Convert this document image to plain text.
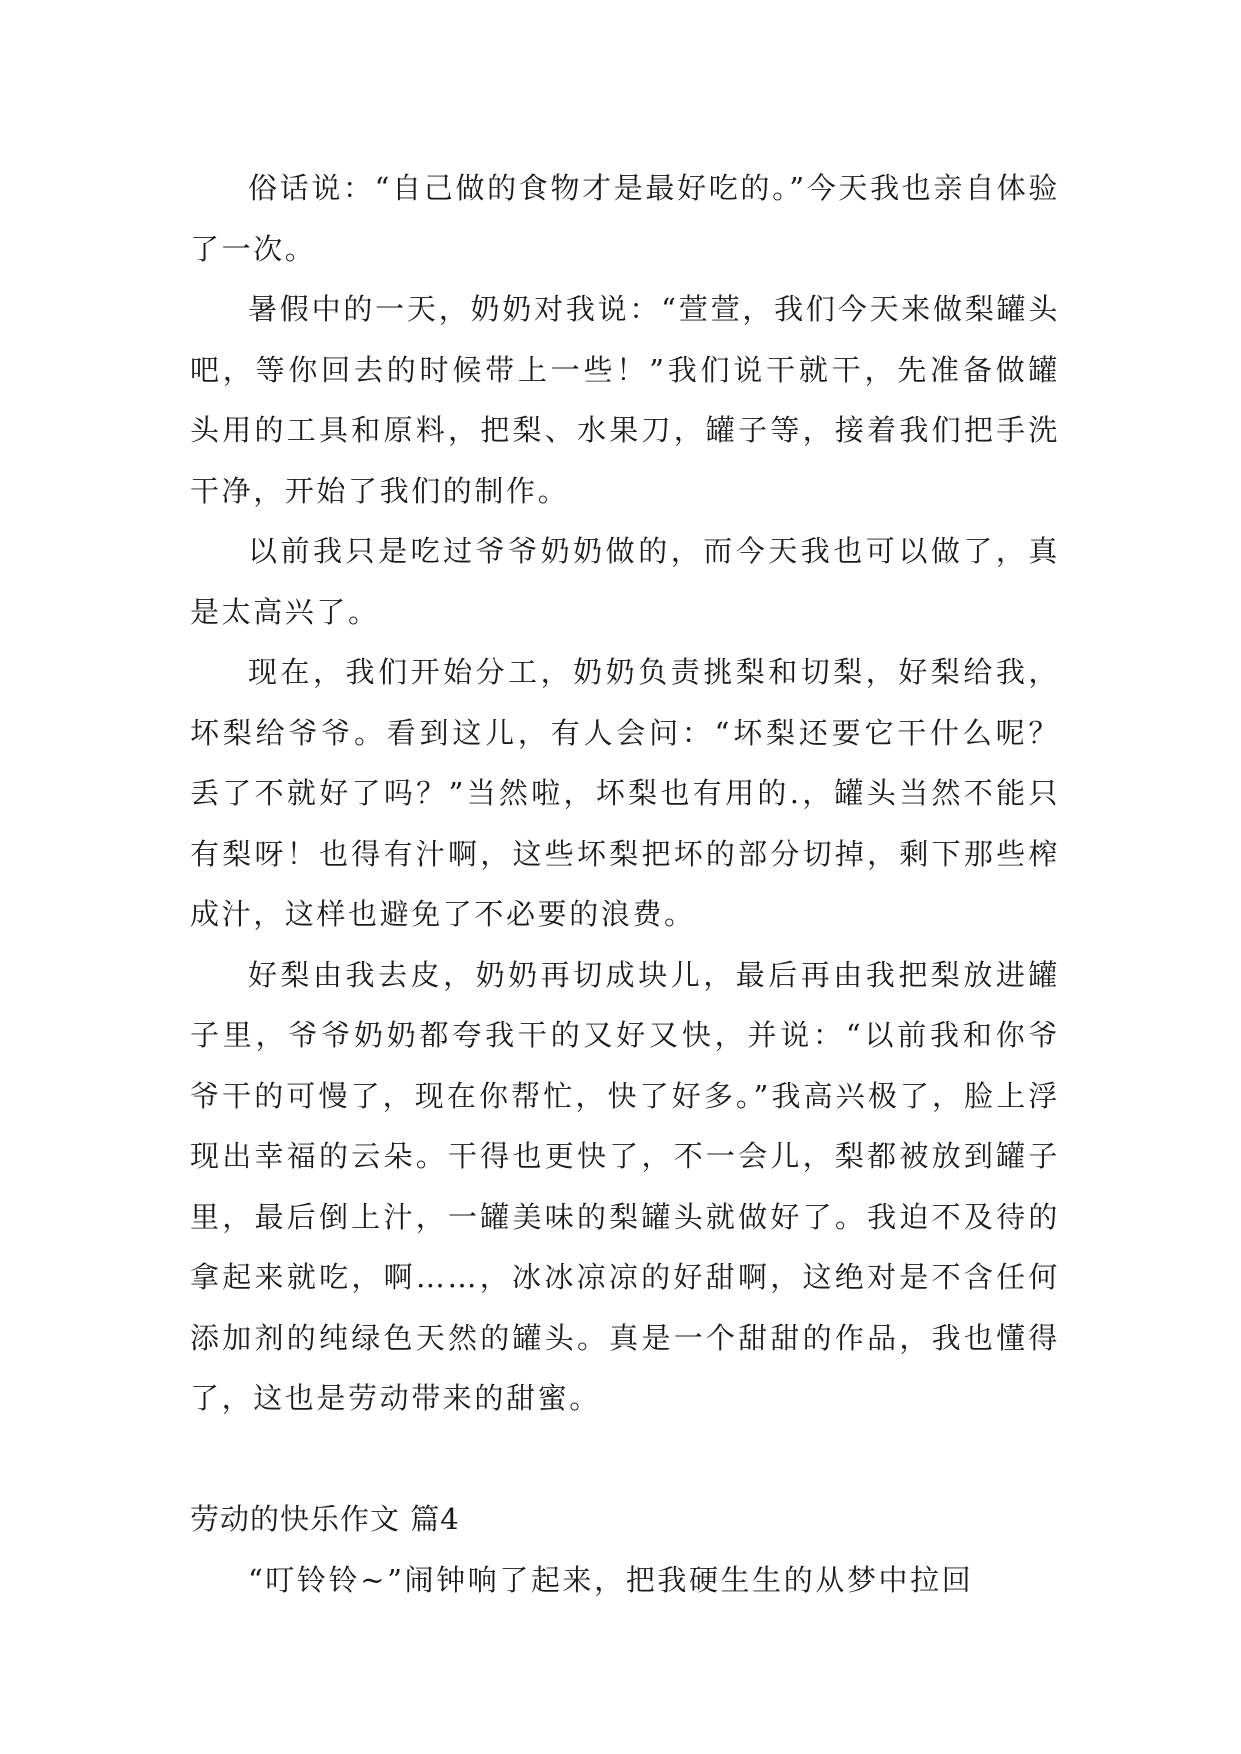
俗话说：“自己做的食物才是最好吃的。”今天我也亲自体验了一次。

暑假中的一天，奶奶对我说：“萱萱，我们今天来做梨罐头吧，等你回去的时候带上一些！”我们说干就干，先准备做罐头用的工具和原料，把梨、水果刀，罐子等，接着我们把手洗干净，开始了我们的制作。

以前我只是吃过爷爷奶奶做的，而今天我也可以做了，真是太高兴了。

现在，我们开始分工，奶奶负责挑梨和切梨，好梨给我，坏梨给爷爷。看到这儿，有人会问：“坏梨还要它干什么呢？丢了不就好了吗？”当然啦，坏梨也有用的.，罐头当然不能只有梨呀！也得有汁啊，这些坏梨把坏的部分切掉，剩下那些榨成汁，这样也避免了不必要的浪费。

好梨由我去皮，奶奶再切成块儿，最后再由我把梨放进罐子里，爷爷奶奶都夸我干的又好又快，并说：“以前我和你爷爷干的可慢了，现在你帮忙，快了好多。”我高兴极了，脸上浮现出幸福的云朵。干得也更快了，不一会儿，梨都被放到罐子里，最后倒上汁，一罐美味的梨罐头就做好了。我迫不及待的拿起来就吃，啊……，冰冰凉凉的好甜啊，这绝对是不含任何添加剂的纯绿色天然的罐头。真是一个甜甜的作品，我也懂得了，这也是劳动带来的甜蜜。

劳动的快乐作文 篇4

“叮铃铃~”闹钟响了起来，把我硬生生的从梦中拉回
